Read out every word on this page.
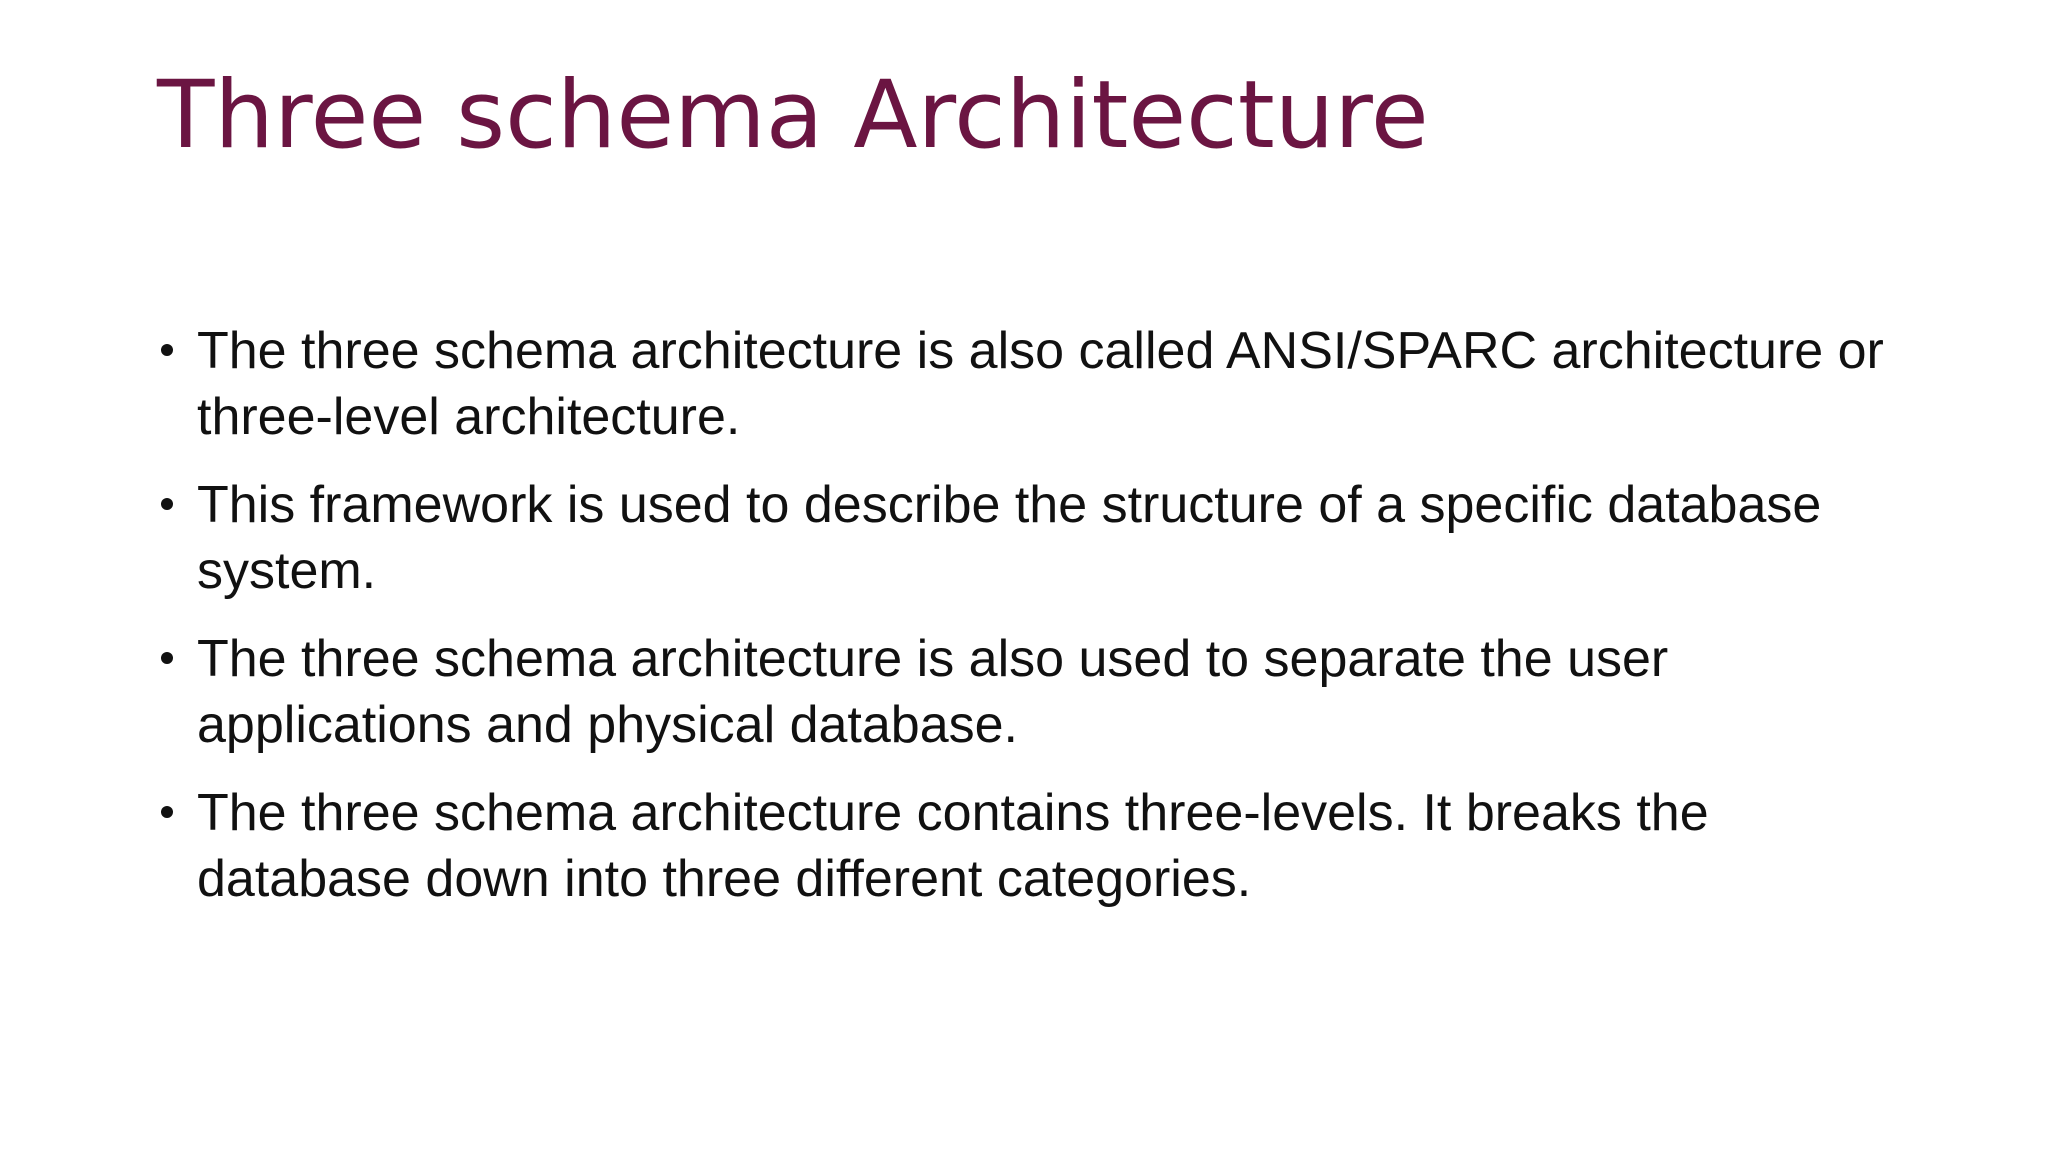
Three schema Architecture
The three schema architecture is also called ANSI/SPARC architecture or three-level architecture.
This framework is used to describe the structure of a specific database system.
The three schema architecture is also used to separate the user applications and physical database.
The three schema architecture contains three-levels. It breaks the database down into three different categories.
